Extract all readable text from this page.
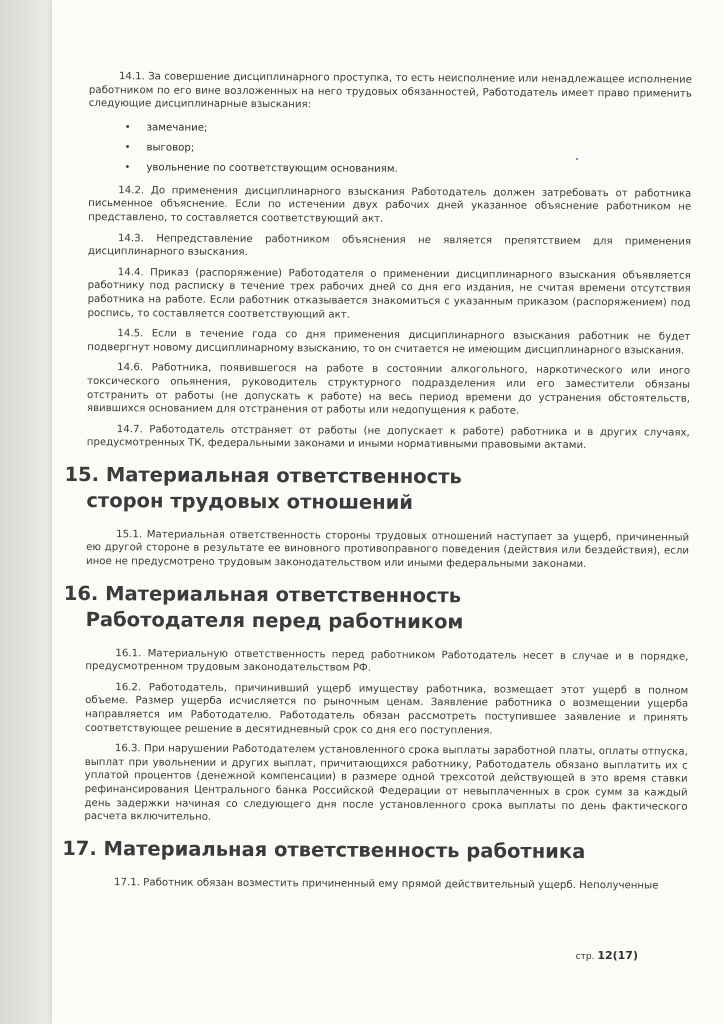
14.1. За совершение дисциплинарного проступка, то есть неисполнение или ненадлежащее исполнение работником по его вине возложенных на него трудовых обязанностей, Работодатель имеет право применить следующие дисциплинарные взыскания:

• замечание;
• выговор;
• увольнение по соответствующим основаниям.

14.2. До применения дисциплинарного взыскания Работодатель должен затребовать от работника письменное объяснение. Если по истечении двух рабочих дней указанное объяснение работником не представлено, то составляется соответствующий акт.

14.3. Непредставление работником объяснения не является препятствием для применения дисциплинарного взыскания.

14.4. Приказ (распоряжение) Работодателя о применении дисциплинарного взыскания объявляется работнику под расписку в течение трех рабочих дней со дня его издания, не считая времени отсутствия работника на работе. Если работник отказывается знакомиться с указанным приказом (распоряжением) под роспись, то составляется соответствующий акт.

14.5. Если в течение года со дня применения дисциплинарного взыскания работник не будет подвергнут новому дисциплинарному взысканию, то он считается не имеющим дисциплинарного взыскания.

14.6. Работника, появившегося на работе в состоянии алкогольного, наркотического или иного токсического опьянения, руководитель структурного подразделения или его заместители обязаны отстранить от работы (не допускать к работе) на весь период времени до устранения обстоятельств, явившихся основанием для отстранения от работы или недопущения к работе.

14.7. Работодатель отстраняет от работы (не допускает к работе) работника и в других случаях, предусмотренных ТК, федеральными законами и иными нормативными правовыми актами.

15. Материальная ответственность
сторон трудовых отношений

15.1. Материальная ответственность стороны трудовых отношений наступает за ущерб, причиненный ею другой стороне в результате ее виновного противоправного поведения (действия или бездействия), если иное не предусмотрено трудовым законодательством или иными федеральными законами.

16. Материальная ответственность
Работодателя перед работником

16.1. Материальную ответственность перед работником Работодатель несет в случае и в порядке, предусмотренном трудовым законодательством РФ.

16.2. Работодатель, причинивший ущерб имуществу работника, возмещает этот ущерб в полном объеме. Размер ущерба исчисляется по рыночным ценам. Заявление работника о возмещении ущерба направляется им Работодателю. Работодатель обязан рассмотреть поступившее заявление и принять соответствующее решение в десятидневный срок со дня его поступления.

16.3. При нарушении Работодателем установленного срока выплаты заработной платы, оплаты отпуска, выплат при увольнении и других выплат, причитающихся работнику, Работодатель обязано выплатить их с уплатой процентов (денежной компенсации) в размере одной трехсотой действующей в это время ставки рефинансирования Центрального банка Российской Федерации от невыплаченных в срок сумм за каждый день задержки начиная со следующего дня после установленного срока выплаты по день фактического расчета включительно.

17. Материальная ответственность работника

17.1. Работник обязан возместить причиненный ему прямой действительный ущерб. Неполученные

стр. 12(17)
